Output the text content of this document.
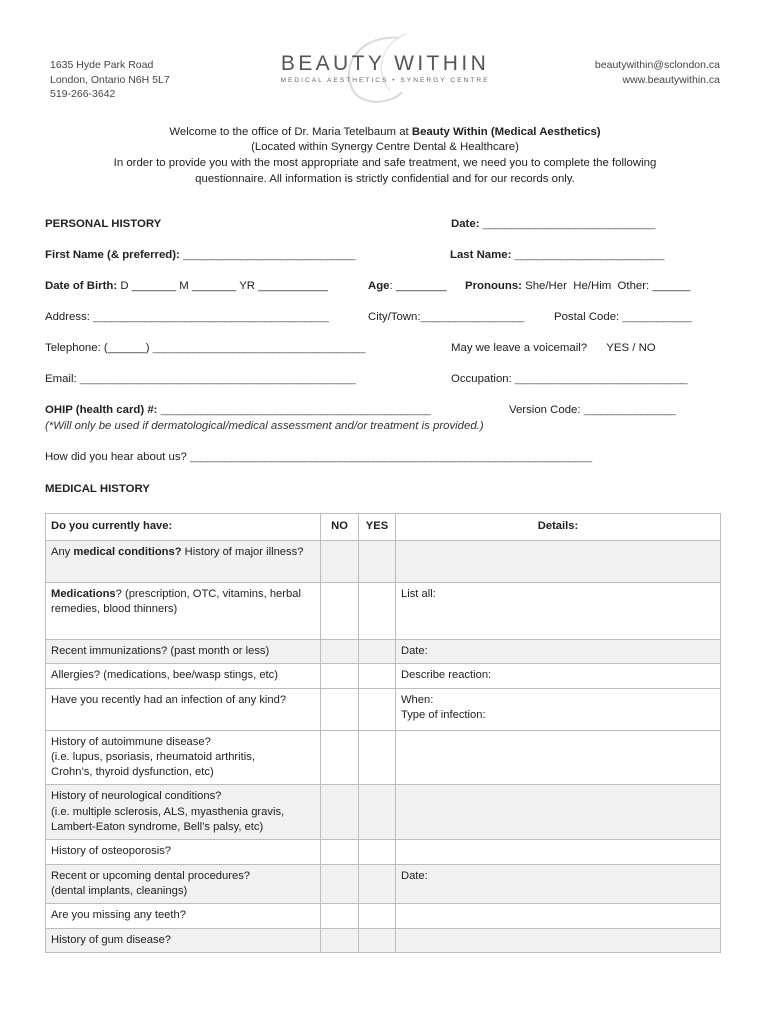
1635 Hyde Park Road
London, Ontario N6H 5L7
519-266-3642
BEAUTY WITHIN
MEDICAL AESTHETICS • SYNERGY CENTRE
beautywithin@sclondon.ca
www.beautywithin.ca
Welcome to the office of Dr. Maria Tetelbaum at Beauty Within (Medical Aesthetics)
(Located within Synergy Centre Dental & Healthcare)
In order to provide you with the most appropriate and safe treatment, we need you to complete the following
questionnaire. All information is strictly confidential and for our records only.
PERSONAL HISTORY	Date: ______________________________
First Name (& preferred): ______________________________	Last Name: __________________________
Date of Birth: D _______ M _______ YR ___________	Age: ________ Pronouns: She/Her  He/Him  Other: ______
Address: _________________________________________	City/Town:__________________	Postal Code: ____________
Telephone: (______) _____________________________________	May we leave a voicemail? YES / NO
Email: ________________________________________________	Occupation: ______________________________
OHIP (health card) #: _______________________________________________	Version Code: ________________
(*Will only be used if dermatological/medical assessment and/or treatment is provided.)
How did you hear about us? ______________________________________________________________________
MEDICAL HISTORY
Do you currently have:	NO	YES	Details:
Any medical conditions? History of major illness?			
Medications? (prescription, OTC, vitamins, herbal remedies, blood thinners)			List all:
Recent immunizations? (past month or less)			Date:
Allergies? (medications, bee/wasp stings, etc)			Describe reaction:
Have you recently had an infection of any kind?			When:
Type of infection:

History of autoimmune disease?
(i.e. lupus, psoriasis, rheumatoid arthritis,
Crohn’s, thyroid dysfunction, etc)			

History of neurological conditions?
(i.e. multiple sclerosis, ALS, myasthenia gravis,
Lambert-Eaton syndrome, Bell’s palsy, etc)			

History of osteoporosis?			

Recent or upcoming dental procedures?
(dental implants, cleanings)			Date:
Are you missing any teeth?			
History of gum disease?			
